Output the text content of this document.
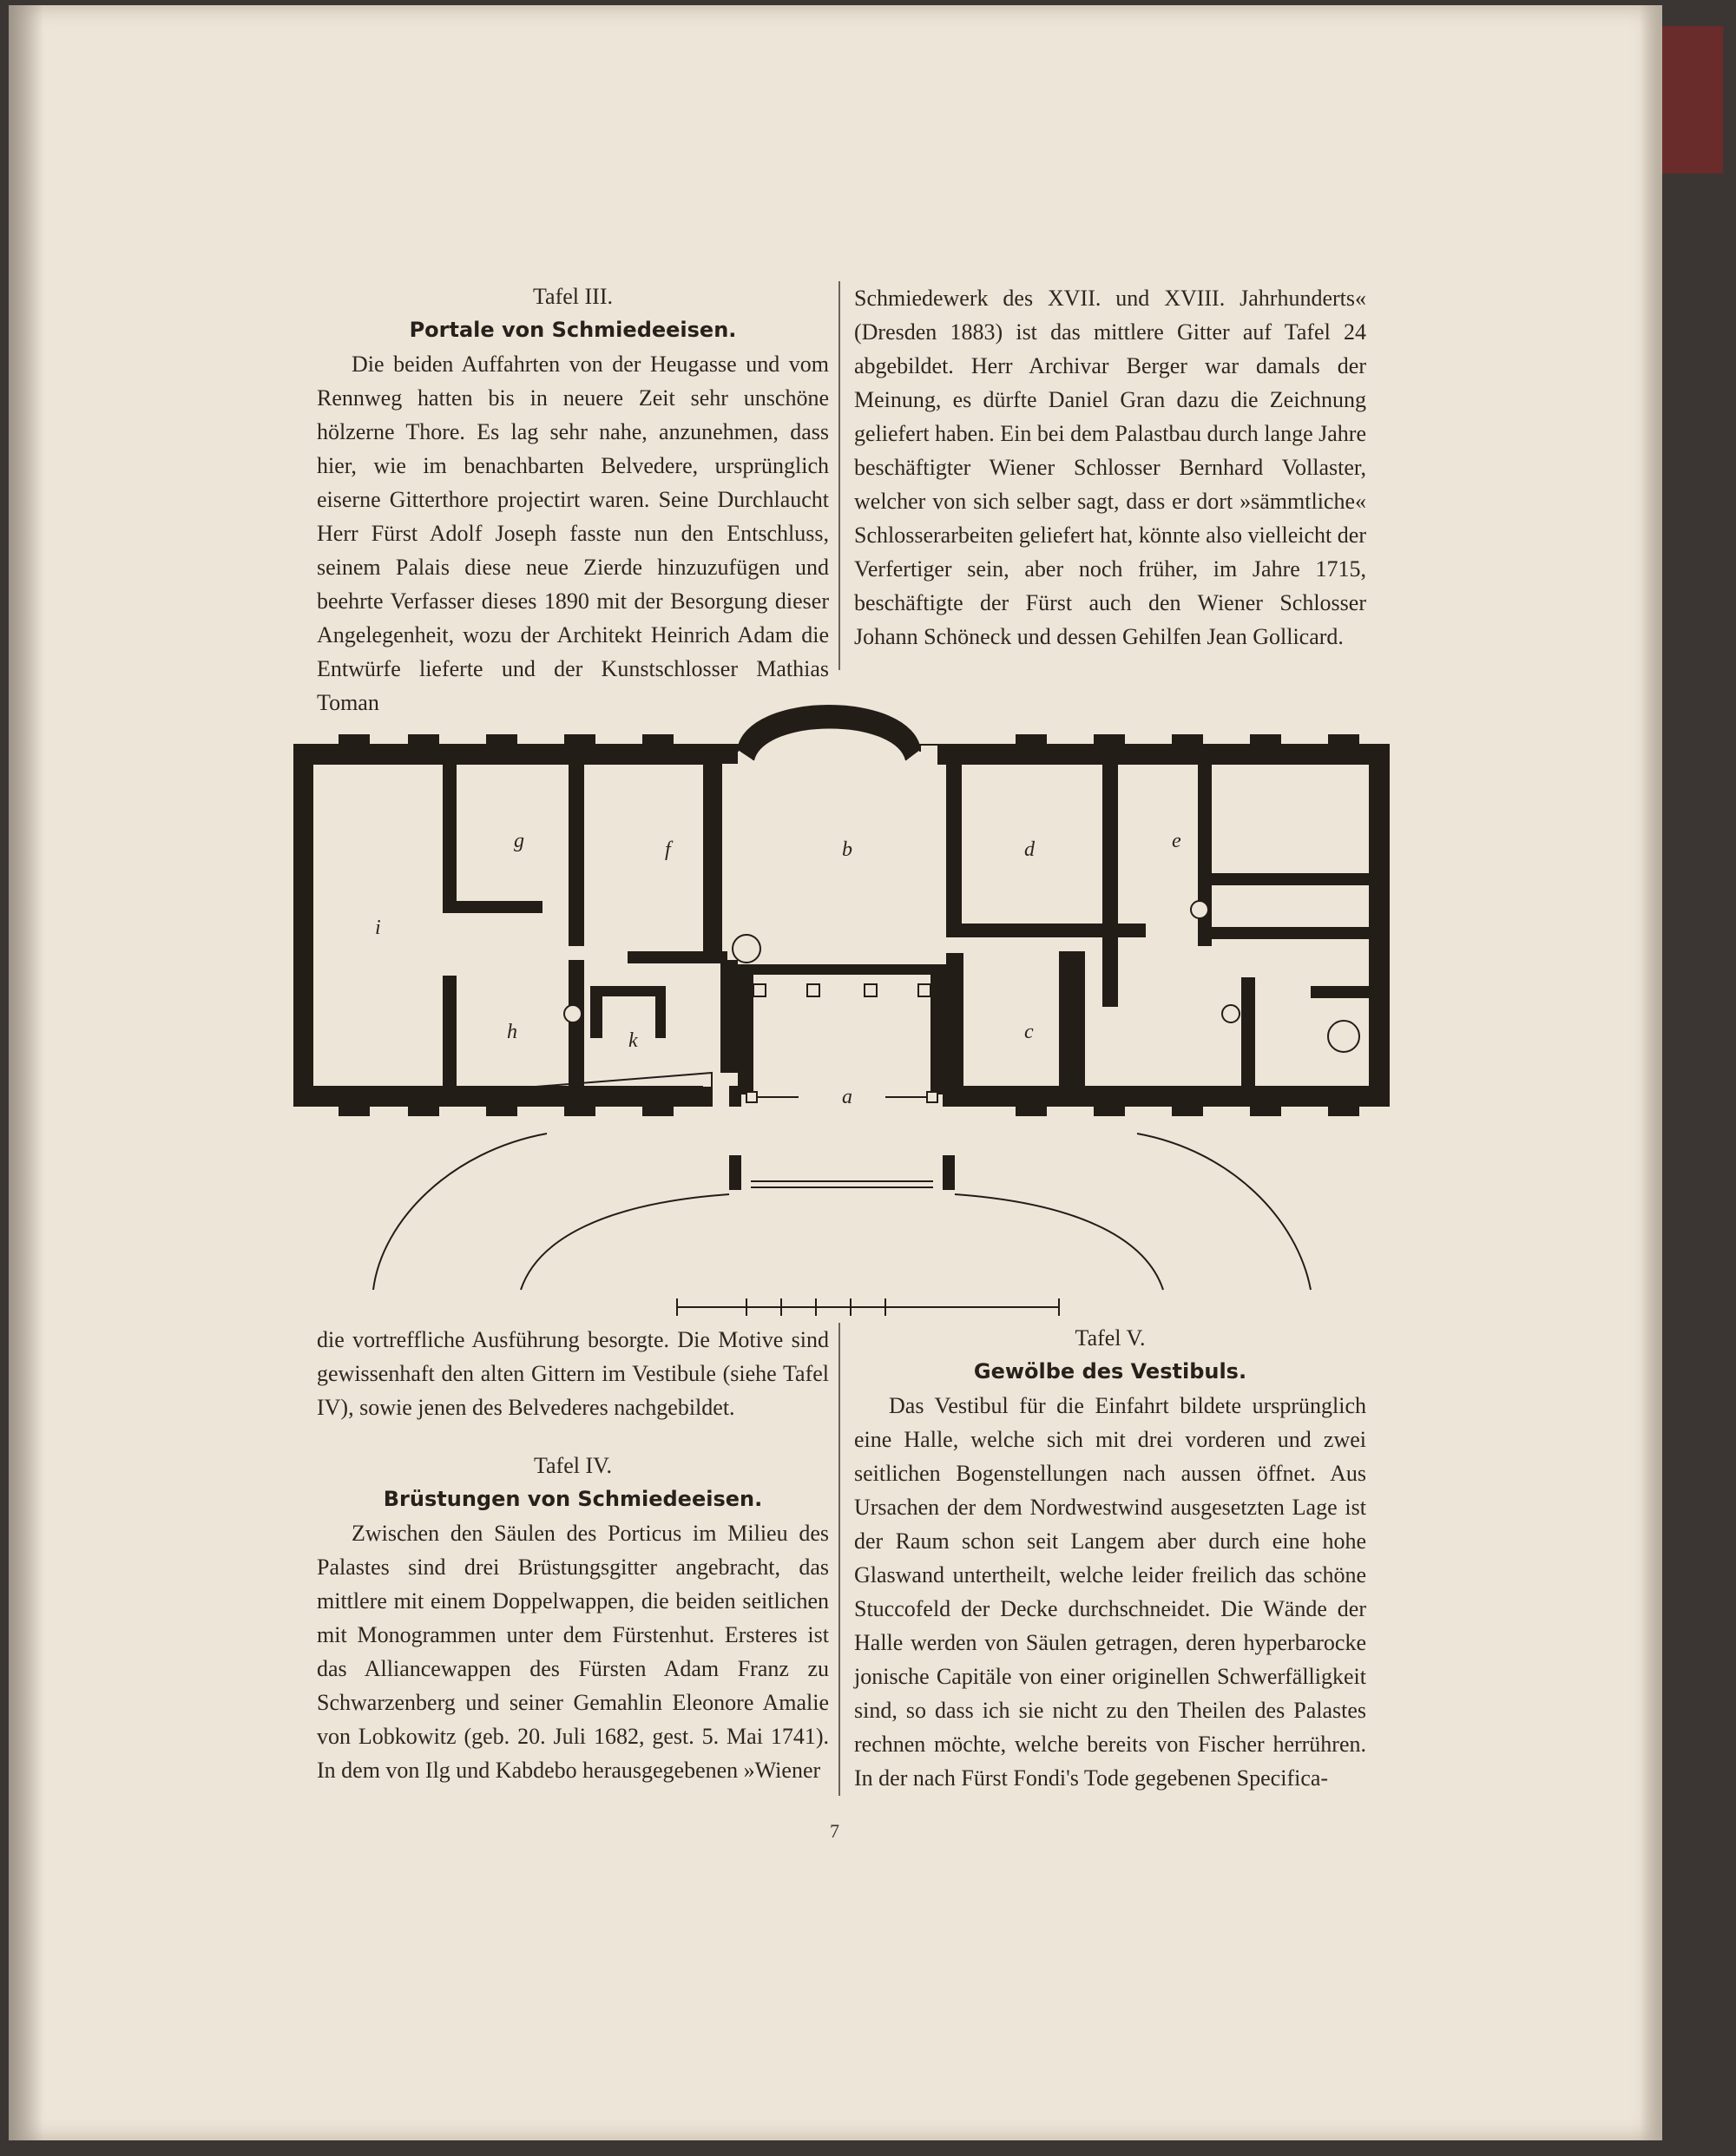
Tafel III.
Portale von Schmiedeeisen.

Die beiden Auffahrten von der Heugasse und vom Rennweg hatten bis in neuere Zeit sehr unschöne hölzerne Thore. Es lag sehr nahe, anzunehmen, dass hier, wie im benachbarten Belvedere, ursprünglich eiserne Gitterthore projectirt waren. Seine Durchlaucht Herr Fürst Adolf Joseph fasste nun den Entschluss, seinem Palais diese neue Zierde hinzuzufügen und beehrte Verfasser dieses 1890 mit der Besorgung dieser Angelegenheit, wozu der Architekt Heinrich Adam die Entwürfe lieferte und der Kunstschlosser Mathias Toman

Schmiedewerk des XVII. und XVIII. Jahrhunderts« (Dresden 1883) ist das mittlere Gitter auf Tafel 24 abgebildet. Herr Archivar Berger war damals der Meinung, es dürfte Daniel Gran dazu die Zeichnung geliefert haben. Ein bei dem Palastbau durch lange Jahre beschäftigter Wiener Schlosser Bernhard Vollaster, welcher von sich selber sagt, dass er dort »sämmtliche« Schlosserarbeiten geliefert hat, könnte also vielleicht der Verfertiger sein, aber noch früher, im Jahre 1715, beschäftigte der Fürst auch den Wiener Schlosser Johann Schöneck und dessen Gehilfen Jean Gollicard.

a
b
c
d	e
f
g
h
i
k

die vortreffliche Ausführung besorgte. Die Motive sind gewissenhaft den alten Gittern im Vestibule (siehe Tafel IV), sowie jenen des Belvederes nachgebildet.

Tafel IV.
Brüstungen von Schmiedeeisen.

Zwischen den Säulen des Porticus im Milieu des Palastes sind drei Brüstungsgitter angebracht, das mittlere mit einem Doppelwappen, die beiden seitlichen mit Monogrammen unter dem Fürstenhut. Ersteres ist das Alliancewappen des Fürsten Adam Franz zu Schwarzenberg und seiner Gemahlin Eleonore Amalie von Lobkowitz (geb. 20. Juli 1682, gest. 5. Mai 1741). In dem von Ilg und Kabdebo herausgegebenen »Wiener

Tafel V.
Gewölbe des Vestibuls.

Das Vestibul für die Einfahrt bildete ursprünglich eine Halle, welche sich mit drei vorderen und zwei seitlichen Bogenstellungen nach aussen öffnet. Aus Ursachen der dem Nordwestwind ausgesetzten Lage ist der Raum schon seit Langem aber durch eine hohe Glaswand untertheilt, welche leider freilich das schöne Stuccofeld der Decke durchschneidet. Die Wände der Halle werden von Säulen getragen, deren hyperbarocke jonische Capitäle von einer originellen Schwerfälligkeit sind, so dass ich sie nicht zu den Theilen des Palastes rechnen möchte, welche bereits von Fischer herrühren. In der nach Fürst Fondi's Tode gegebenen Specifica-

7
